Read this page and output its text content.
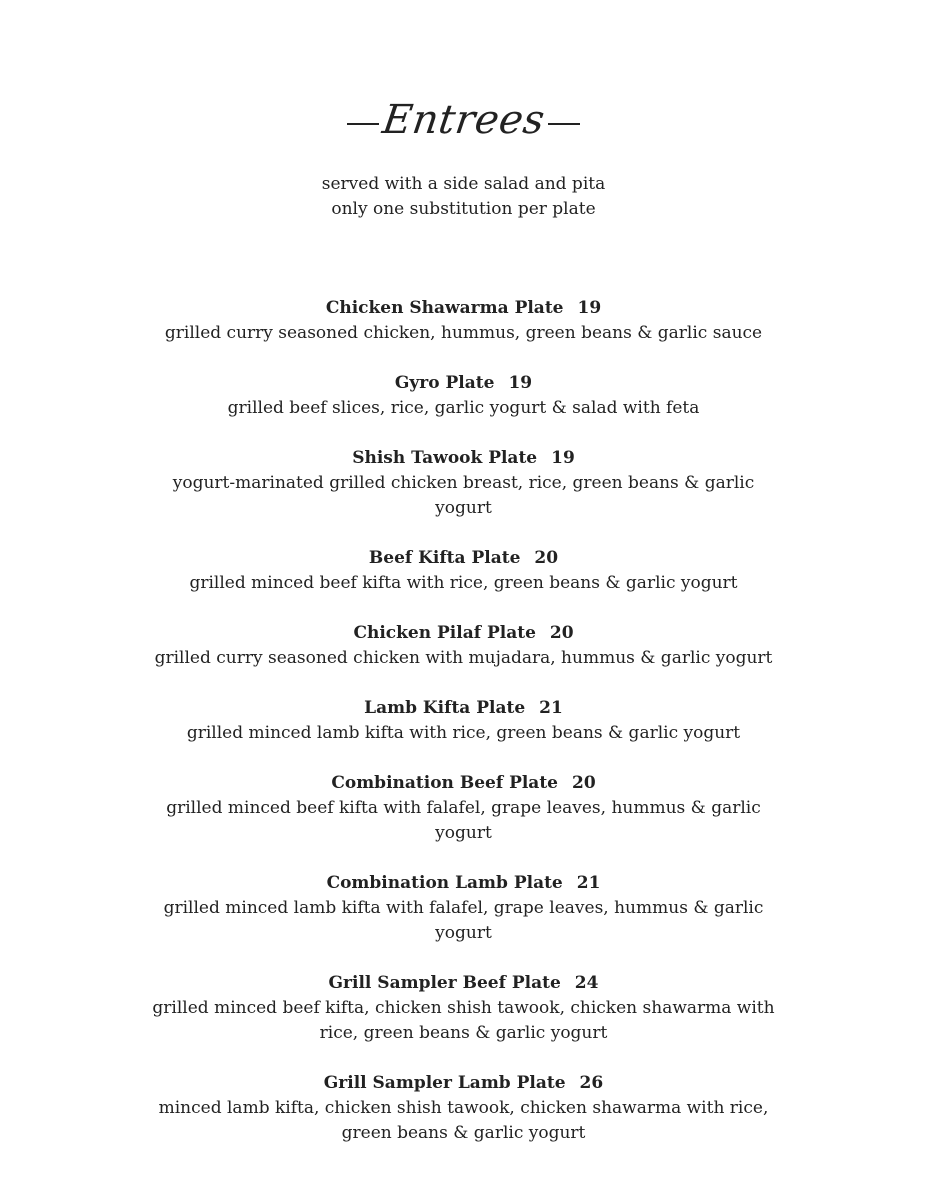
Entrees
served with a side salad and pita
only one substitution per plate
Chicken Shawarma Plate 19
grilled curry seasoned chicken, hummus, green beans & garlic sauce
Gyro Plate 19
grilled beef slices, rice, garlic yogurt & salad with feta
Shish Tawook Plate 19
yogurt-marinated grilled chicken breast, rice, green beans & garlic yogurt
Beef Kifta Plate 20
grilled minced beef kifta with rice, green beans & garlic yogurt
Chicken Pilaf Plate 20
grilled curry seasoned chicken with mujadara, hummus & garlic yogurt
Lamb Kifta Plate 21
grilled minced lamb kifta with rice, green beans & garlic yogurt
Combination Beef Plate 20
grilled minced beef kifta with falafel, grape leaves, hummus & garlic yogurt
Combination Lamb Plate 21
grilled minced lamb kifta with falafel, grape leaves, hummus & garlic yogurt
Grill Sampler Beef Plate 24
grilled minced beef kifta, chicken shish tawook, chicken shawarma with rice, green beans & garlic yogurt
Grill Sampler Lamb Plate 26
minced lamb kifta, chicken shish tawook, chicken shawarma with rice, green beans & garlic yogurt
